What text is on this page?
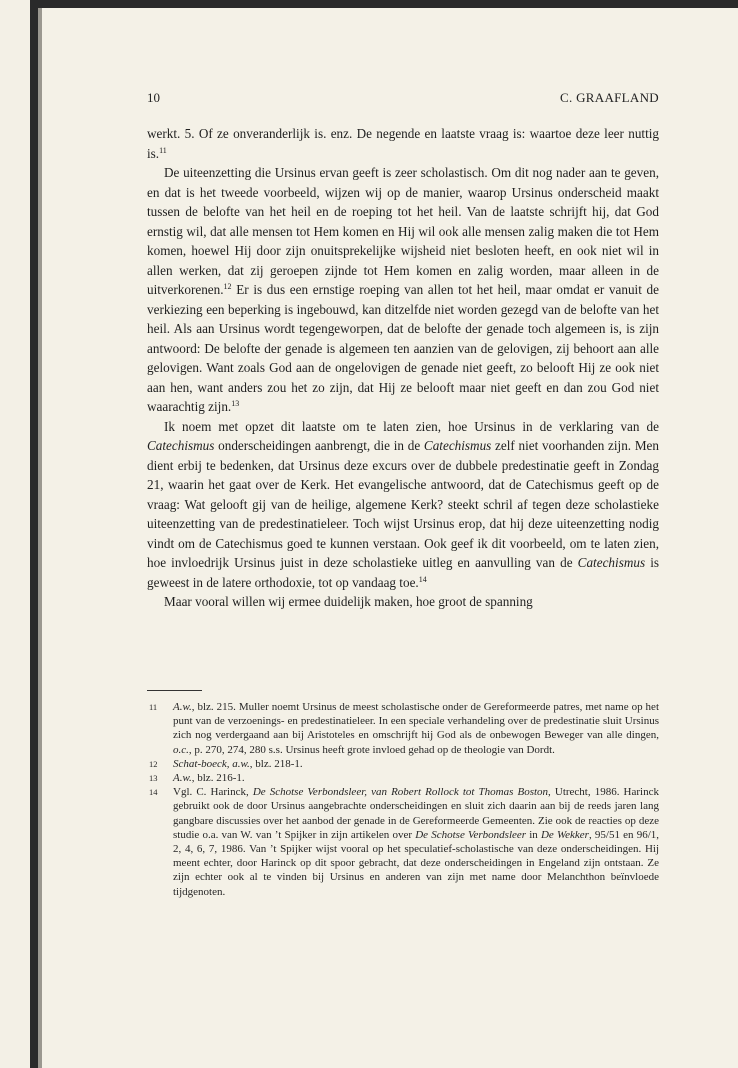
10	C. GRAAFLAND

werkt. 5. Of ze onveranderlijk is. enz. De negende en laatste vraag is: waartoe deze leer nuttig is.$^{11}$

De uiteenzetting die Ursinus ervan geeft is zeer scholastisch. Om dit nog nader aan te geven, en dat is het tweede voorbeeld, wijzen wij op de manier, waarop Ursinus onderscheid maakt tussen de belofte van het heil en de roeping tot het heil. Van de laatste schrijft hij, dat God ernstig wil, dat alle mensen tot Hem komen en Hij wil ook alle mensen zalig maken die tot Hem komen, hoewel Hij door zijn onuitsprekelijke wijsheid niet besloten heeft, en ook niet wil in allen werken, dat zij geroepen zijnde tot Hem komen en zalig worden, maar alleen in de uitverkorenen.$^{12}$ Er is dus een ernstige roeping van allen tot het heil, maar omdat er vanuit de verkiezing een beperking is ingebouwd, kan ditzelfde niet worden gezegd van de belofte van het heil. Als aan Ursinus wordt tegengeworpen, dat de belofte der genade toch algemeen is, is zijn antwoord: De belofte der genade is algemeen ten aanzien van de gelovigen, zij behoort aan alle gelovigen. Want zoals God aan de ongelovigen de genade niet geeft, zo belooft Hij ze ook niet aan hen, want anders zou het zo zijn, dat Hij ze belooft maar niet geeft en dan zou God niet waarachtig zijn.$^{13}$

Ik noem met opzet dit laatste om te laten zien, hoe Ursinus in de verklaring van de Catechismus onderscheidingen aanbrengt, die in de Catechismus zelf niet voorhanden zijn. Men dient erbij te bedenken, dat Ursinus deze excurs over de dubbele predestinatie geeft in Zondag 21, waarin het gaat over de Kerk. Het evangelische antwoord, dat de Catechismus geeft op de vraag: Wat gelooft gij van de heilige, algemene Kerk? steekt schril af tegen deze scholastieke uiteenzetting van de predestinatieleer. Toch wijst Ursinus erop, dat hij deze uiteenzetting nodig vindt om de Catechismus goed te kunnen verstaan. Ook geef ik dit voorbeeld, om te laten zien, hoe invloedrijk Ursinus juist in deze scholastieke uitleg en aanvulling van de Catechismus is geweest in de latere orthodoxie, tot op vandaag toe.$^{14}$

Maar vooral willen wij ermee duidelijk maken, hoe groot de spanning

11 A.w., blz. 215. Muller noemt Ursinus de meest scholastische onder de Gereformeerde patres, met name op het punt van de verzoenings- en predestinatieleer. In een speciale verhandeling over de predestinatie sluit Ursinus zich nog verdergaand aan bij Aristoteles en omschrijft hij God als de onbewogen Beweger van alle dingen, o.c., p. 270, 274, 280 s.s. Ursinus heeft grote invloed gehad op de theologie van Dordt.

12 Schat-boeck, a.w., blz. 218-1.

13 A.w., blz. 216-1.

14 Vgl. C. Harinck, De Schotse Verbondsleer, van Robert Rollock tot Thomas Boston, Utrecht, 1986. Harinck gebruikt ook de door Ursinus aangebrachte onderscheidingen en sluit zich daarin aan bij de reeds jaren lang gangbare discussies over het aanbod der genade in de Gereformeerde Gemeenten. Zie ook de reacties op deze studie o.a. van W. van ’t Spijker in zijn artikelen over De Schotse Verbondsleer in De Wekker, 95/51 en 96/1, 2, 4, 6, 7, 1986. Van ’t Spijker wijst vooral op het speculatief-scholastische van deze onderscheidingen. Hij meent echter, door Harinck op dit spoor gebracht, dat deze onderscheidingen in Engeland zijn ontstaan. Ze zijn echter ook al te vinden bij Ursinus en anderen van zijn met name door Melanchthon beïnvloede tijdgenoten.
